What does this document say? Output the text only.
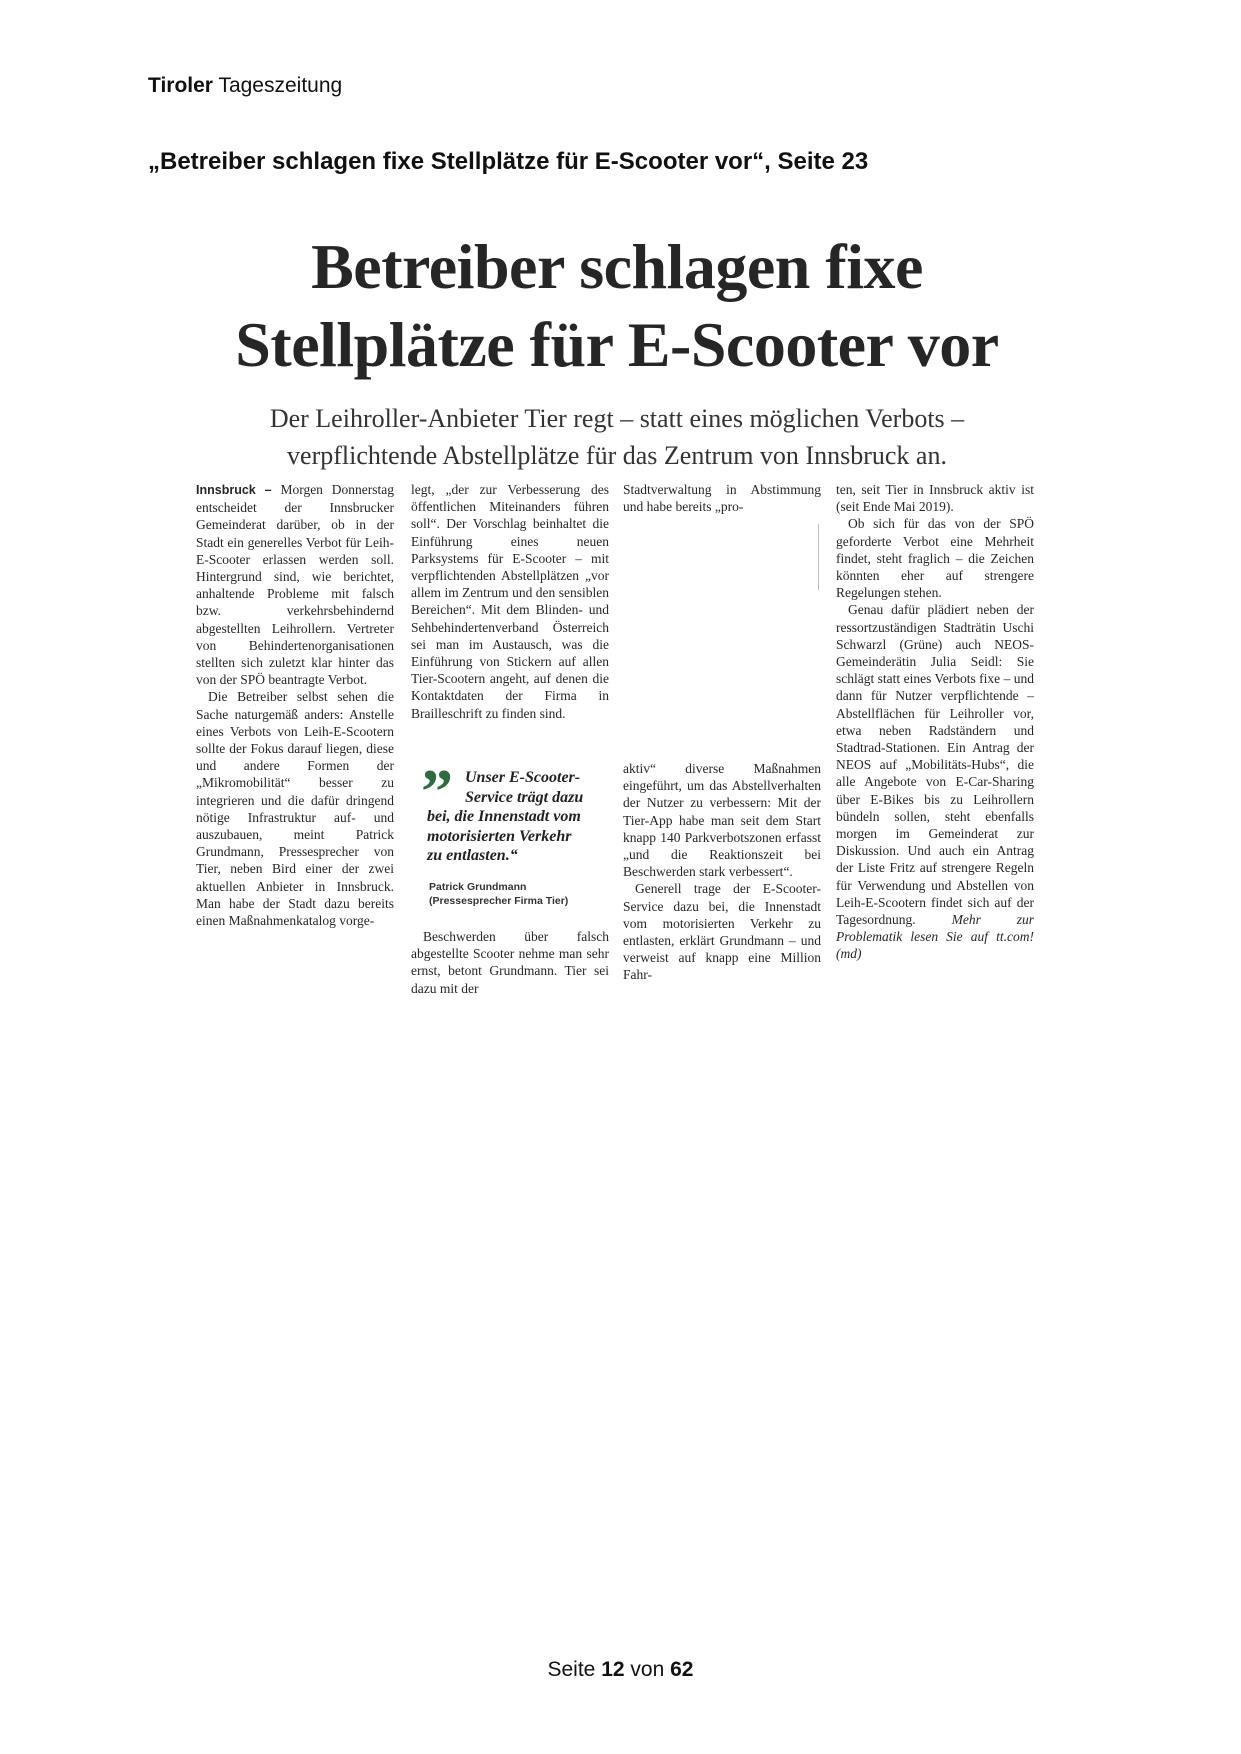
Tiroler Tageszeitung
„Betreiber schlagen fixe Stellplätze für E-Scooter vor“, Seite 23
Betreiber schlagen fixe
Stellplätze für E-Scooter vor
Der Leihroller-Anbieter Tier regt – statt eines möglichen Verbots –
verpflichtende Abstellplätze für das Zentrum von Innsbruck an.

Innsbruck – Morgen Donnerstag entscheidet der Innsbrucker Gemeinderat darüber, ob in der Stadt ein generelles Verbot für Leih-E-Scooter erlassen werden soll. Hintergrund sind, wie berichtet, anhaltende Probleme mit falsch bzw. verkehrsbehindernd abgestellten Leihrollern. Vertreter von Behindertenorganisationen stellten sich zuletzt klar hinter das von der SPÖ beantragte Verbot.

Die Betreiber selbst sehen die Sache naturgemäß anders: Anstelle eines Verbots von Leih-E-Scootern sollte der Fokus darauf liegen, diese und andere Formen der „Mikromobilität“ besser zu integrieren und die dafür dringend nötige Infrastruktur auf- und auszubauen, meint Patrick Grundmann, Pressesprecher von Tier, neben Bird einer der zwei aktuellen Anbieter in Innsbruck. Man habe der Stadt dazu bereits einen Maßnahmenkatalog vorge-

legt, „der zur Verbesserung des öffentlichen Miteinanders führen soll“. Der Vorschlag beinhaltet die Einführung eines neuen Parksystems für E-Scooter – mit verpflichtenden Abstellplätzen „vor allem im Zentrum und den sensiblen Bereichen“. Mit dem Blinden- und Sehbehindertenverband Österreich sei man im Austausch, was die Einführung von Stickern auf allen Tier-Scootern angeht, auf denen die Kontaktdaten der Firma in Brailleschrift zu finden sind.

” Unser E-Scooter-
Service trägt dazu
bei, die Innenstadt vom
motorisierten Verkehr
zu entlasten.“
Patrick Grundmann
(Pressesprecher Firma Tier)

Beschwerden über falsch abgestellte Scooter nehme man sehr ernst, betont Grundmann. Tier sei dazu mit der

Stadtverwaltung in Abstimmung und habe bereits „pro-

aktiv“ diverse Maßnahmen eingeführt, um das Abstellverhalten der Nutzer zu verbessern: Mit der Tier-App habe man seit dem Start knapp 140 Parkverbotszonen erfasst „und die Reaktionszeit bei Beschwerden stark verbessert“.

Generell trage der E-Scooter-Service dazu bei, die Innenstadt vom motorisierten Verkehr zu entlasten, erklärt Grundmann – und verweist auf knapp eine Million Fahr-

ten, seit Tier in Innsbruck aktiv ist (seit Ende Mai 2019).

Ob sich für das von der SPÖ geforderte Verbot eine Mehrheit findet, steht fraglich – die Zeichen könnten eher auf strengere Regelungen stehen.

Genau dafür plädiert neben der ressortzuständigen Stadträtin Uschi Schwarzl (Grüne) auch NEOS-Gemeinderätin Julia Seidl: Sie schlägt statt eines Verbots fixe – und dann für Nutzer verpflichtende – Abstellflächen für Leihroller vor, etwa neben Radständern und Stadtrad-Stationen. Ein Antrag der NEOS auf „Mobilitäts-Hubs“, die alle Angebote von E-Car-Sharing über E-Bikes bis zu Leihrollern bündeln sollen, steht ebenfalls morgen im Gemeinderat zur Diskussion. Und auch ein Antrag der Liste Fritz auf strengere Regeln für Verwendung und Abstellen von Leih-E-Scootern findet sich auf der Tagesordnung.	Mehr zur Problematik lesen Sie auf tt.com! (md)

Seite 12 von 62
